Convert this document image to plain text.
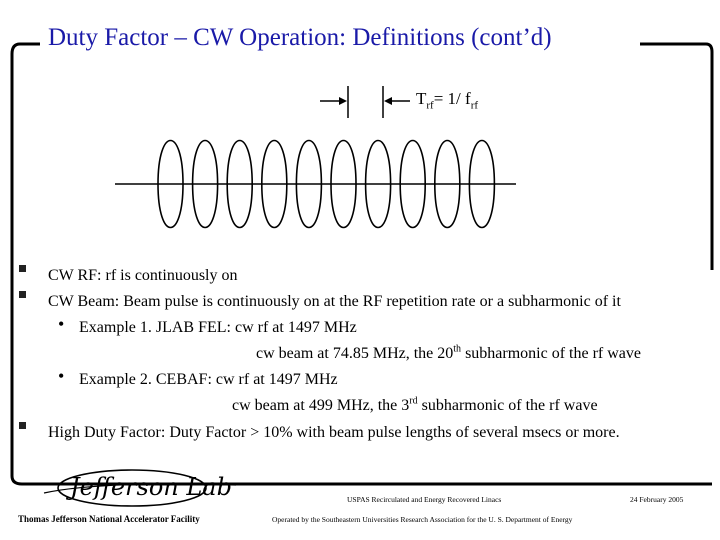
Duty Factor – CW Operation: Definitions (cont’d)
$T_{rf}= 1/$ $f_{rf}$
CW RF: rf is continuously on
CW Beam: Beam pulse is continuously on at the RF repetition rate or a subharmonic of it
• Example 1. JLAB FEL: cw rf at 1497 MHz
cw beam at 74.85 MHz, the 20th subharmonic of the rf wave
• Example 2. CEBAF: cw rf at 1497 MHz
cw beam at 499 MHz, the 3rd subharmonic of the rf wave
High Duty Factor: Duty Factor > 10% with beam pulse lengths of several msecs or more.
Jefferson Lab
Thomas Jefferson National Accelerator Facility
USPAS Recirculated and Energy Recovered Linacs
Operated by the Southeastern Universities Research Association for the U. S. Department of Energy
24 February 2005
